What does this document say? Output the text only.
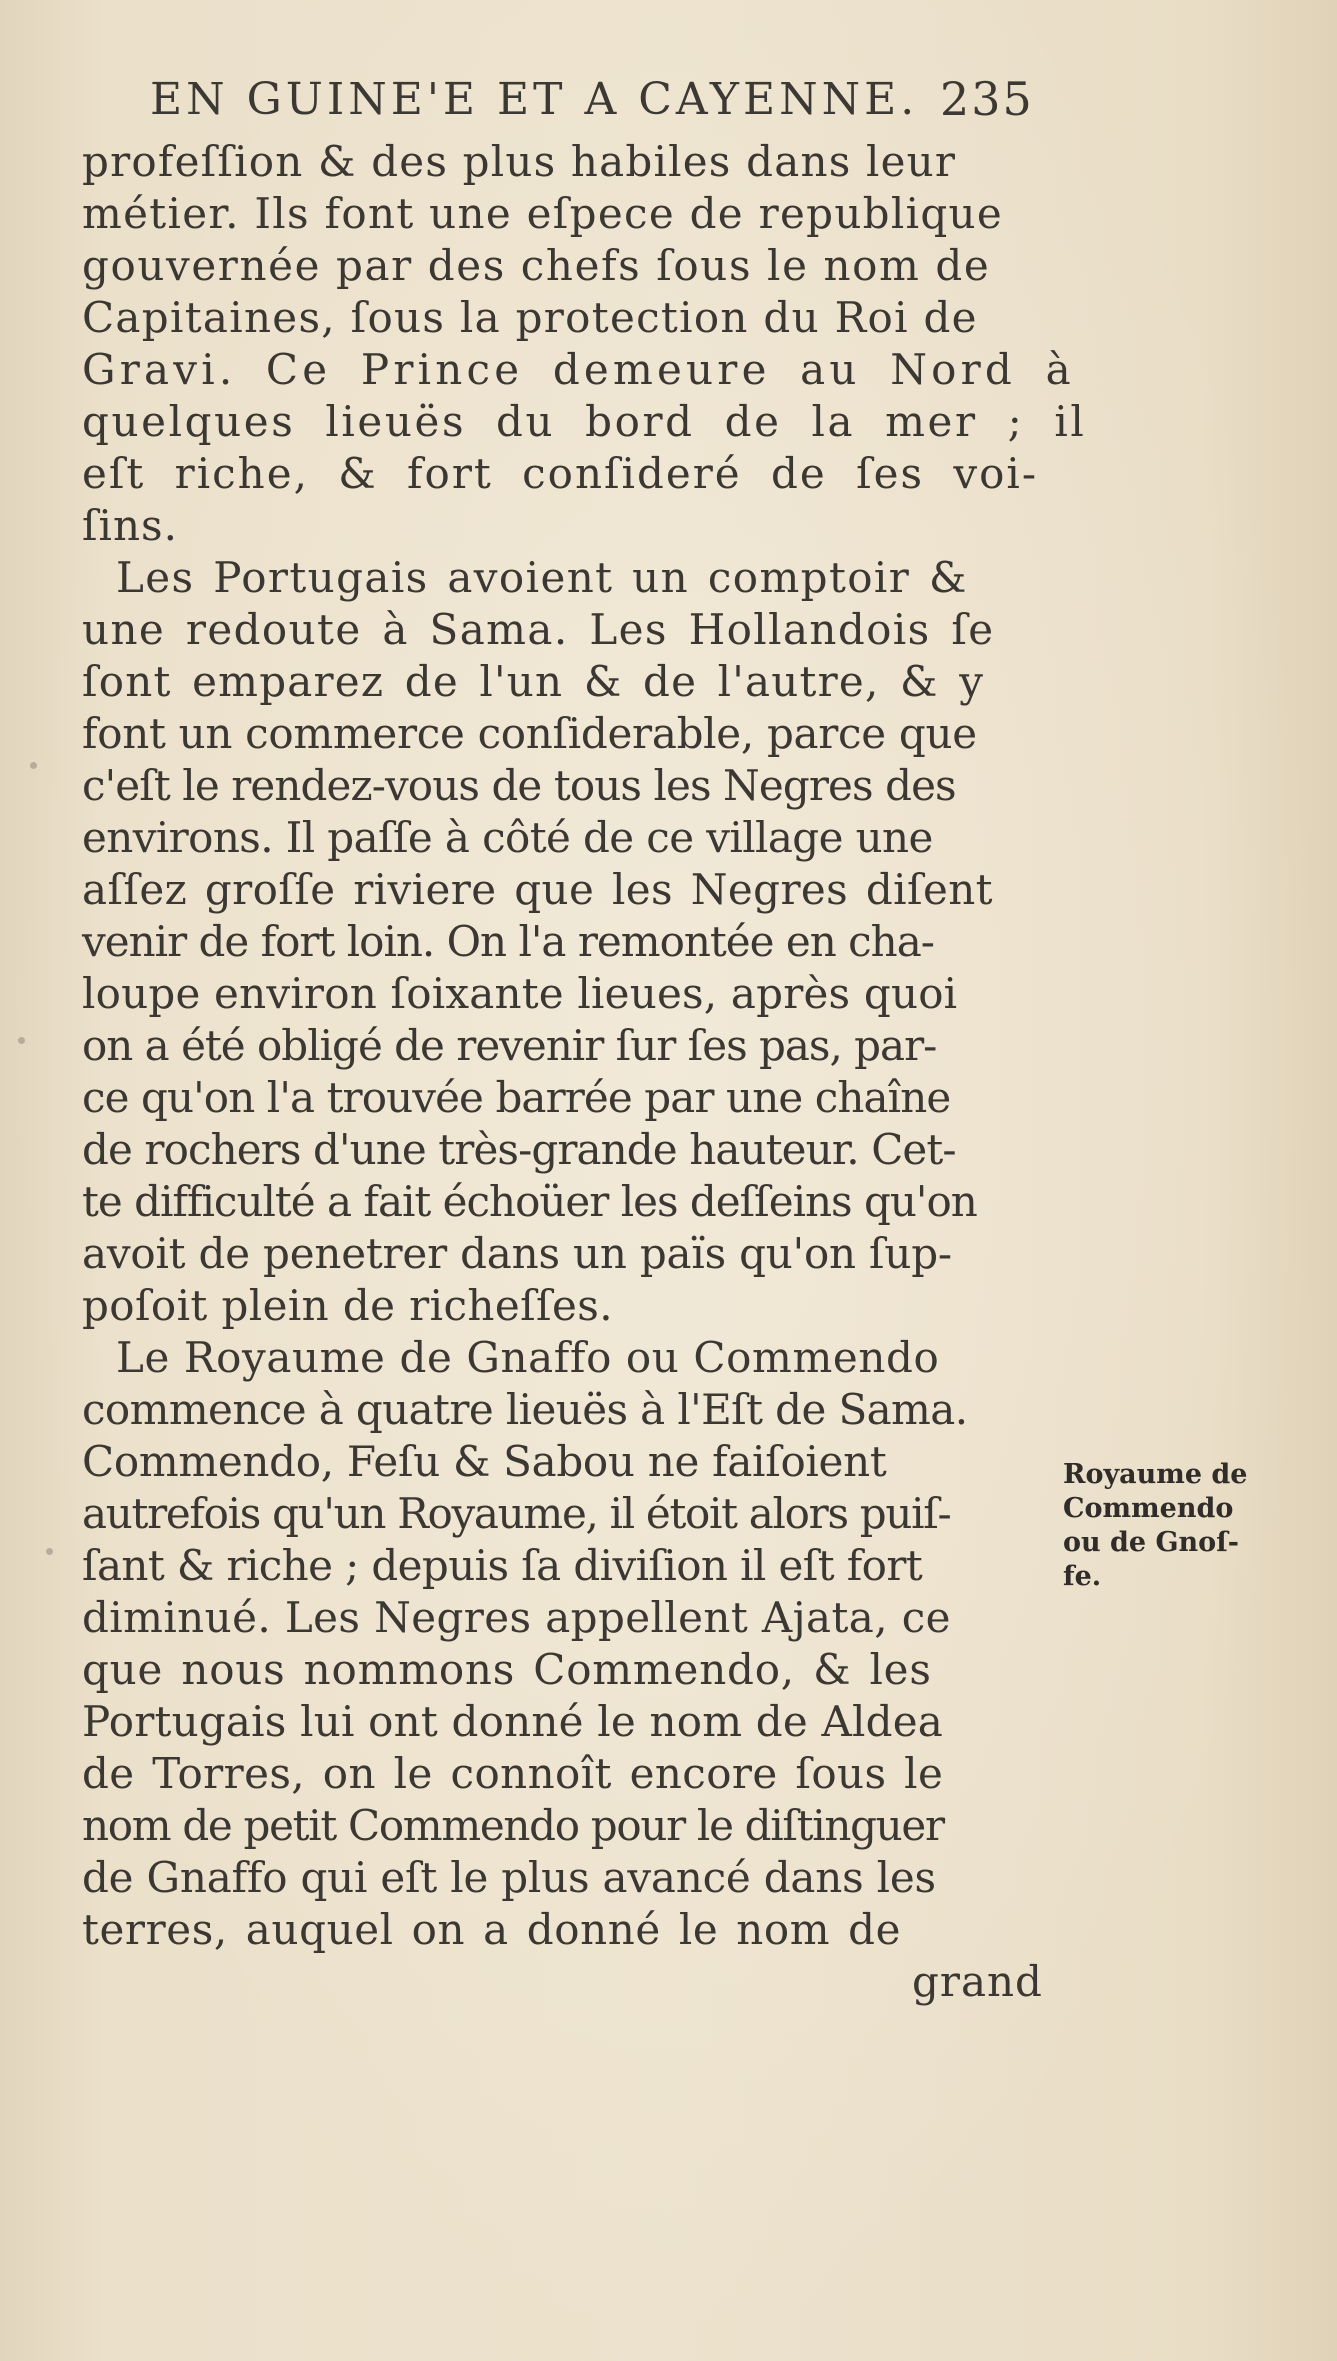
EN GUINE'E ET A CAYENNE. 235
profeſſion & des plus habiles dans leur
métier. Ils font une eſpece de republique
gouvernée par des chefs ſous le nom de
Capitaines, ſous la protection du Roi de
Gravi. Ce Prince demeure au Nord à
quelques lieuës du bord de la mer ; il
eſt riche, & fort conſideré de ſes voi-
ſins.
Les Portugais avoient un comptoir &
une redoute à Sama. Les Hollandois ſe
ſont emparez de l'un & de l'autre, & y
font un commerce conſiderable, parce que
c'eſt le rendez-vous de tous les Negres des
environs. Il paſſe à côté de ce village une
aſſez groſſe riviere que les Negres diſent
venir de fort loin. On l'a remontée en cha-
loupe environ ſoixante lieues, après quoi
on a été obligé de revenir ſur ſes pas, par-
ce qu'on l'a trouvée barrée par une chaîne
de rochers d'une très-grande hauteur. Cet-
te difficulté a fait échoüer les deſſeins qu'on
avoit de penetrer dans un païs qu'on ſup-
poſoit plein de richeſſes.
Le Royaume de Gnaffo ou Commendo
commence à quatre lieuës à l'Eſt de Sama.
Commendo, Feſu & Sabou ne faiſoient
autrefois qu'un Royaume, il étoit alors puiſ-
ſant & riche ; depuis ſa diviſion il eſt fort
diminué. Les Negres appellent Ajata, ce
que nous nommons Commendo, & les
Portugais lui ont donné le nom de Aldea
de Torres, on le connoît encore ſous le
nom de petit Commendo pour le diſtinguer
de Gnaffo qui eſt le plus avancé dans les
terres, auquel on a donné le nom de
grand
Royaume de
Commendo
ou de Gnoſ-
fe.
